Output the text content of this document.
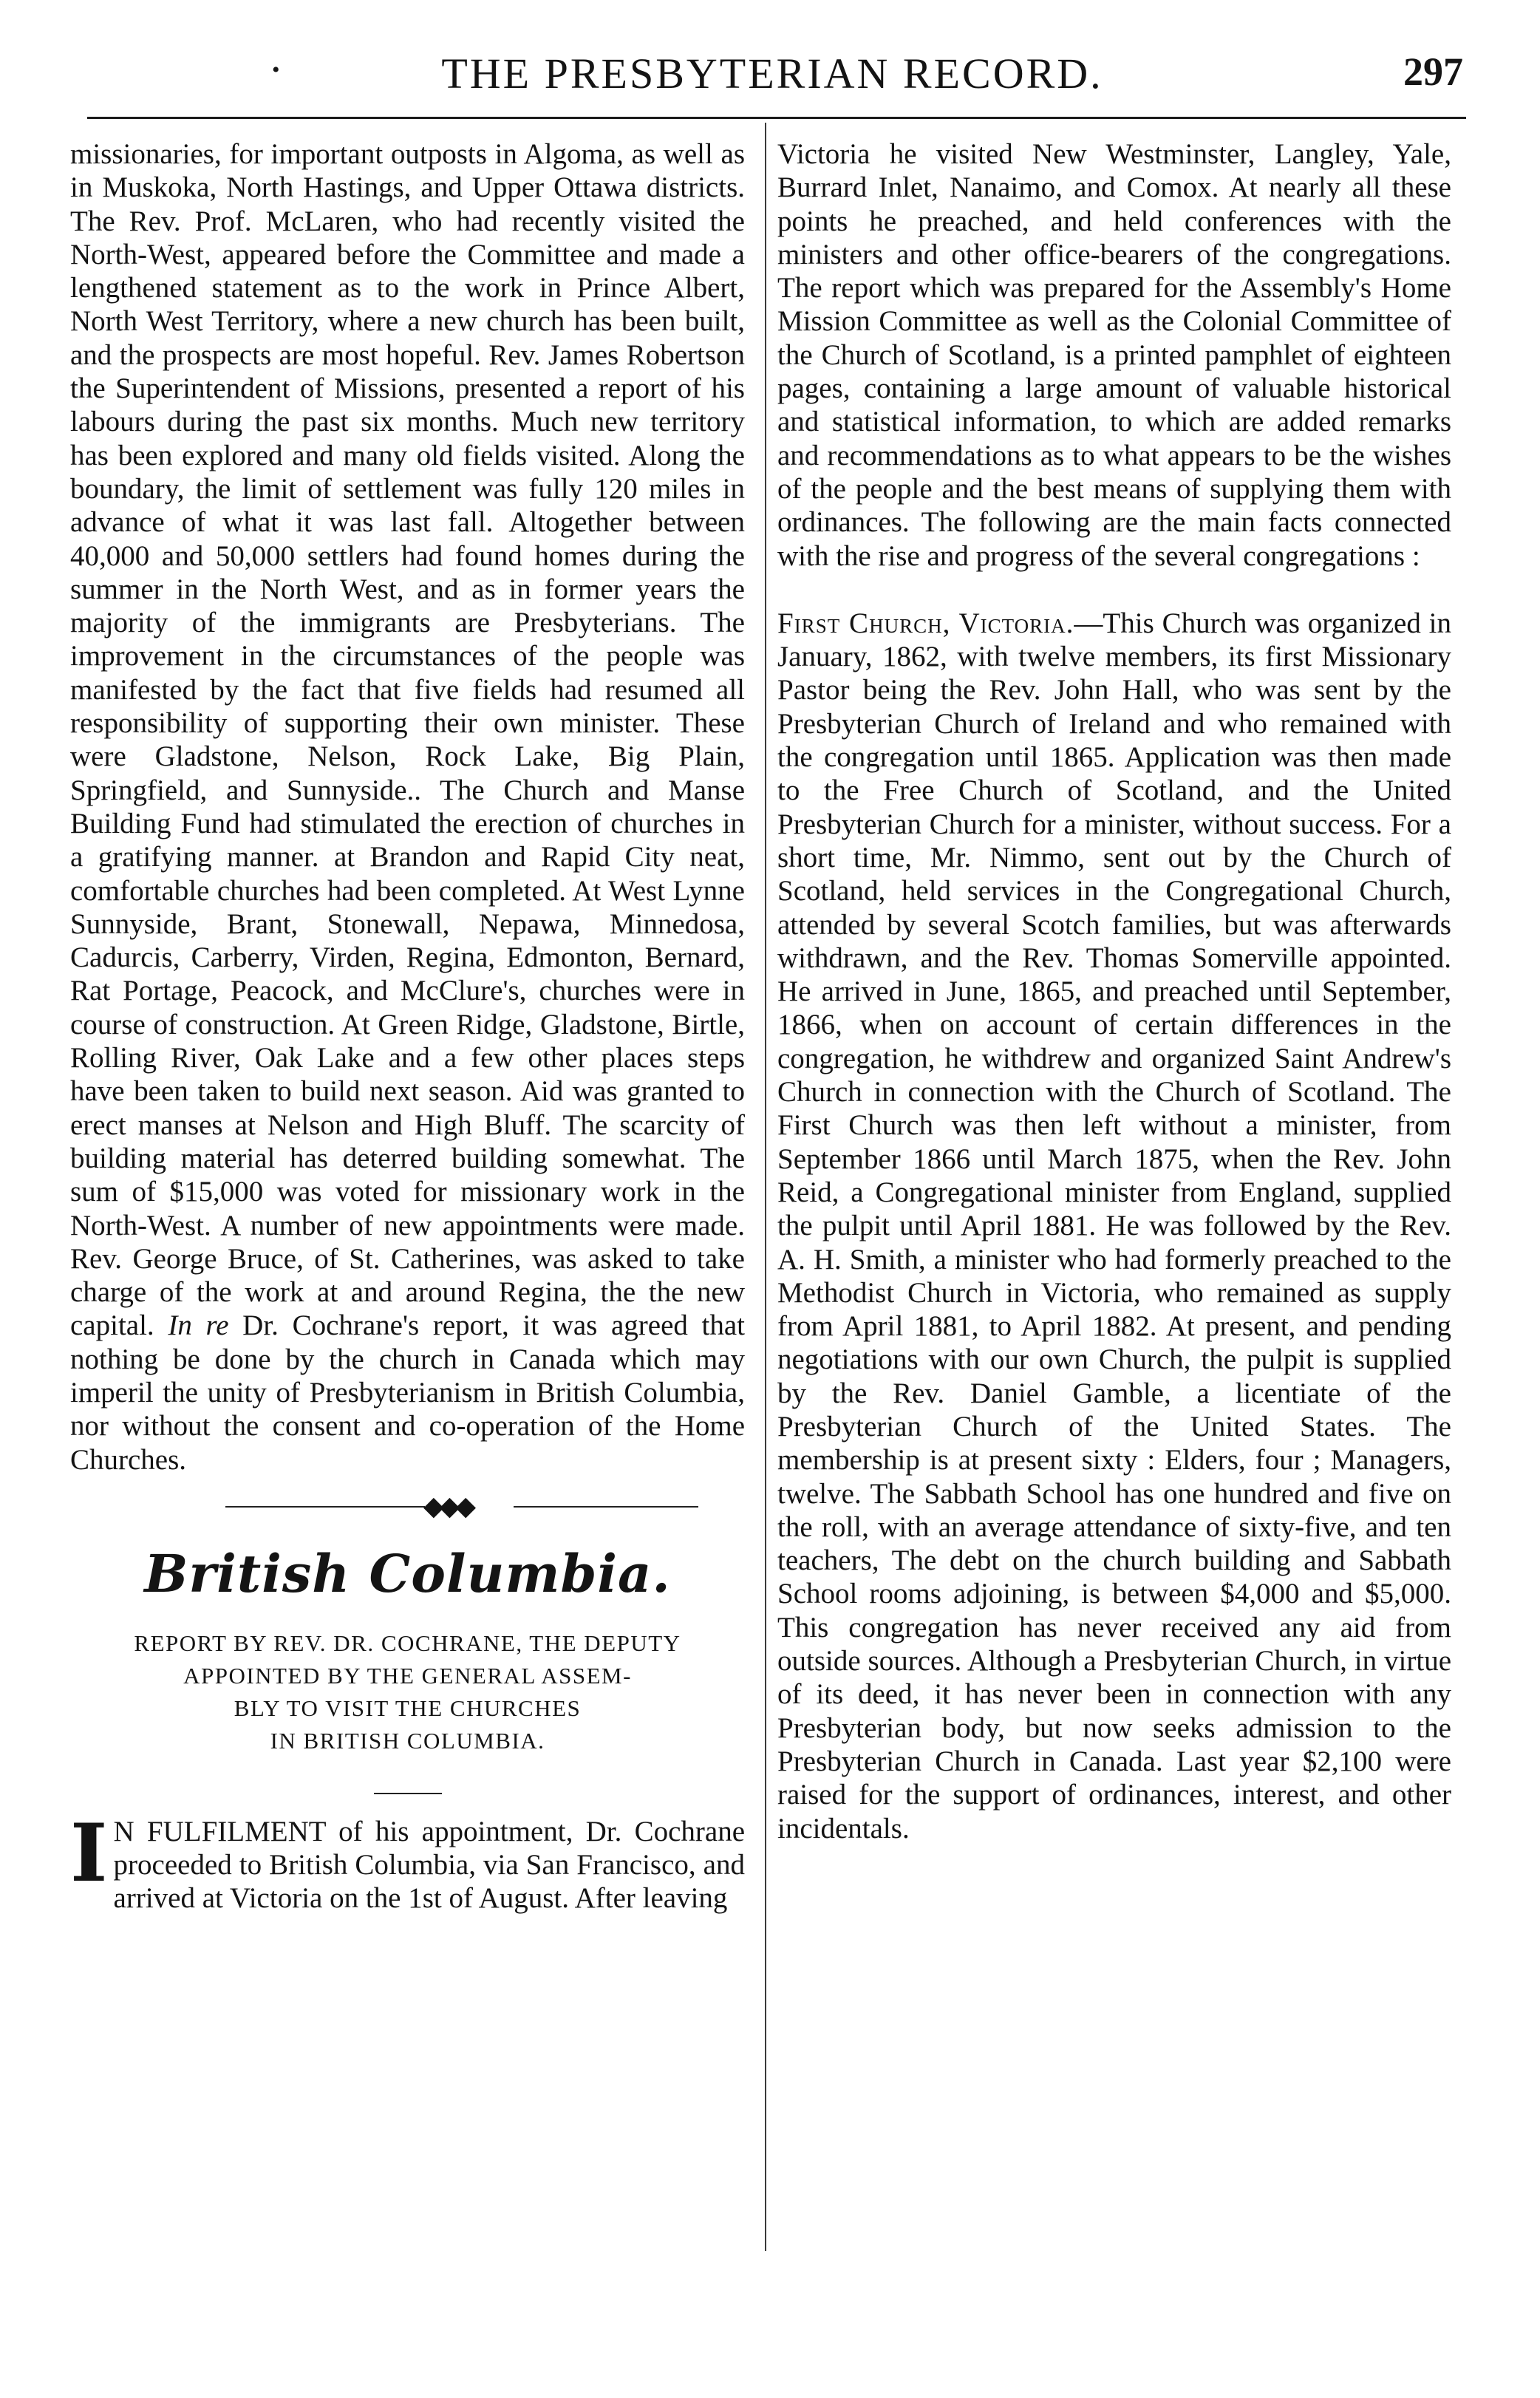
•	THE PRESBYTERIAN RECORD.	297

missionaries, for important outposts in Algoma, as well as in Muskoka, North Hastings, and Upper Ottawa districts. The Rev. Prof. McLaren, who had recently visited the North-West, appeared before the Committee and made a lengthened statement as to the work in Prince Albert, North West Territory, where a new church has been built, and the prospects are most hopeful. Rev. James Robertson the Superintendent of Missions, presented a report of his labours during the past six months. Much new territory has been explored and many old fields visited. Along the boundary, the limit of settlement was fully 120 miles in advance of what it was last fall. Altogether between 40,000 and 50,000 settlers had found homes during the summer in the North West, and as in former years the majority of the immigrants are Presbyterians. The improvement in the circumstances of the people was manifested by the fact that five fields had resumed all responsibility of supporting their own minister. These were Gladstone, Nelson, Rock Lake, Big Plain, Springfield, and Sunnyside.. The Church and Manse Building Fund had stimulated the erection of churches in a gratifying manner. at Brandon and Rapid City neat, comfortable churches had been completed. At West Lynne Sunnyside, Brant, Stonewall, Nepawa, Minnedosa, Cadurcis, Carberry, Virden, Regina, Edmonton, Bernard, Rat Portage, Peacock, and McClure's, churches were in course of construction. At Green Ridge, Gladstone, Birtle, Rolling River, Oak Lake and a few other places steps have been taken to build next season. Aid was granted to erect manses at Nelson and High Bluff. The scarcity of building material has deterred building somewhat. The sum of $15,000 was voted for missionary work in the North-West. A number of new appointments were made. Rev. George Bruce, of St. Catherines, was asked to take charge of the work at and around Regina, the the new capital. In re Dr. Cochrane's report, it was agreed that nothing be done by the church in Canada which may imperil the unity of Presbyterianism in British Columbia, nor without the consent and co-operation of the Home Churches.

◆◆◆
British Columbia.

REPORT BY REV. DR. COCHRANE, THE DEPUTY

APPOINTED BY THE GENERAL ASSEM-

BLY TO VISIT THE CHURCHES

IN BRITISH COLUMBIA.

I N FULFILMENT of his appointment, Dr. Cochrane proceeded to British Columbia, via San Francisco, and arrived at Victoria on the 1st of August. After leaving

Victoria he visited New Westminster, Langley, Yale, Burrard Inlet, Nanaimo, and Comox. At nearly all these points he preached, and held conferences with the ministers and other office-bearers of the congregations. The report which was prepared for the Assembly's Home Mission Committee as well as the Colonial Committee of the Church of Scotland, is a printed pamphlet of eighteen pages, containing a large amount of valuable historical and statistical information, to which are added remarks and recommendations as to what appears to be the wishes of the people and the best means of supplying them with ordinances. The following are the main facts connected with the rise and progress of the several congregations :

First Church, Victoria.—This Church was organized in January, 1862, with twelve members, its first Missionary Pastor being the Rev. John Hall, who was sent by the Presbyterian Church of Ireland and who remained with the congregation until 1865. Application was then made to the Free Church of Scotland, and the United Presbyterian Church for a minister, without success. For a short time, Mr. Nimmo, sent out by the Church of Scotland, held services in the Congregational Church, attended by several Scotch families, but was afterwards withdrawn, and the Rev. Thomas Somerville appointed. He arrived in June, 1865, and preached until September, 1866, when on account of certain differences in the congregation, he withdrew and organized Saint Andrew's Church in connection with the Church of Scotland. The First Church was then left without a minister, from September 1866 until March 1875, when the Rev. John Reid, a Congregational minister from England, supplied the pulpit until April 1881. He was followed by the Rev. A. H. Smith, a minister who had formerly preached to the Methodist Church in Victoria, who remained as supply from April 1881, to April 1882. At present, and pending negotiations with our own Church, the pulpit is supplied by the Rev. Daniel Gamble, a licentiate of the Presbyterian Church of the United States. The membership is at present sixty : Elders, four ; Managers, twelve. The Sabbath School has one hundred and five on the roll, with an average attendance of sixty-five, and ten teachers, The debt on the church building and Sabbath School rooms adjoining, is between $4,000 and $5,000. This congregation has never received any aid from outside sources. Although a Presbyterian Church, in virtue of its deed, it has never been in connection with any Presbyterian body, but now seeks admission to the Presbyterian Church in Canada. Last year $2,100 were raised for the support of ordinances, interest, and other incidentals.
